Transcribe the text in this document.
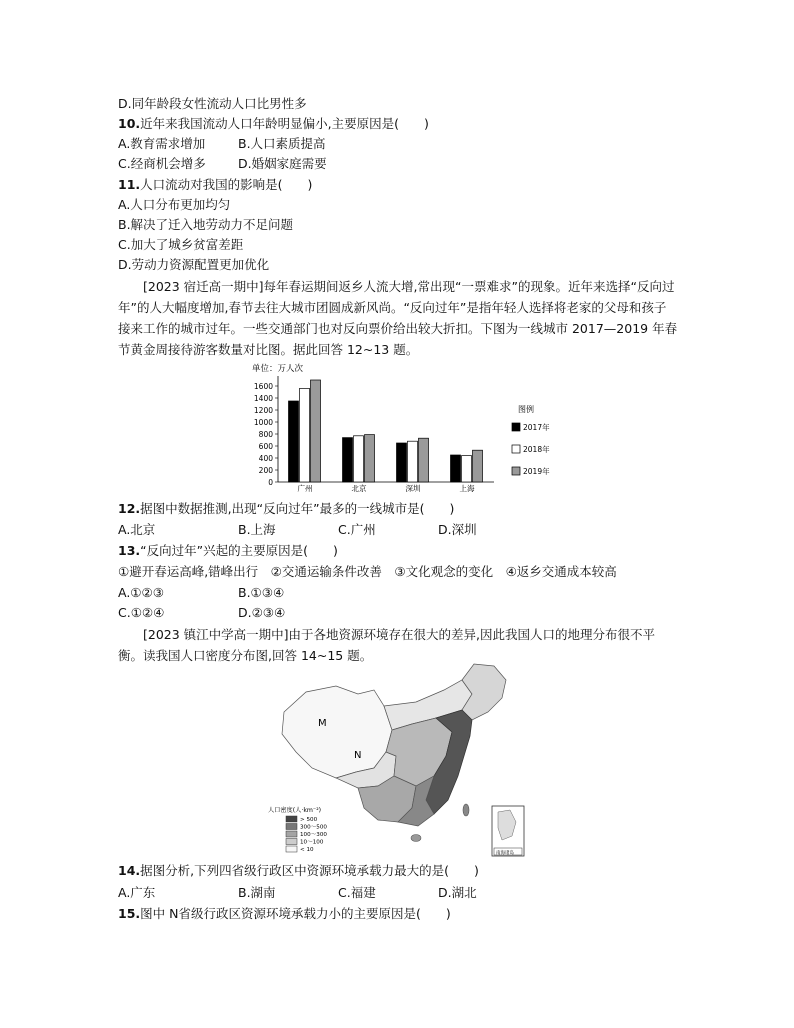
D.同年龄段女性流动人口比男性多
10.近年来我国流动人口年龄明显偏小,主要原因是(　　)
A.教育需求增加	B.人口素质提高
C.经商机会增多	D.婚姻家庭需要
11.人口流动对我国的影响是(　　)
A.人口分布更加均匀
B.解决了迁入地劳动力不足问题
C.加大了城乡贫富差距
D.劳动力资源配置更加优化
[2023 宿迁高一期中]每年春运期间返乡人流大增,常出现“一票难求”的现象。近年来选择“反向过年”的人大幅度增加,春节去往大城市团圆成新风尚。“反向过年”是指年轻人选择将老家的父母和孩子接来工作的城市过年。一些交通部门也对反向票价给出较大折扣。下图为一线城市 2017—2019 年春节黄金周接待游客数量对比图。据此回答 12~13 题。
单位：万人次
0
200
400
600
800
1000
1200
1400
1600
广州	北京	深圳	上海
图例
2017年
2018年
2019年
12.据图中数据推测,出现“反向过年”最多的一线城市是(　　)
A.北京	B.上海	C.广州	D.深圳
13.“反向过年”兴起的主要原因是(　　)
①避开春运高峰,错峰出行　②交通运输条件改善　③文化观念的变化　④返乡交通成本较高
A.①②③	B.①③④
C.①②④	D.②③④
[2023 镇江中学高一期中]由于各地资源环境存在很大的差异,因此我国人口的地理分布很不平衡。读我国人口密度分布图,回答 14~15 题。
M
N
人口密度(人·km⁻²)
> 500
300～500
100～300
10～100
< 10
南海诸岛
14.据图分析,下列四省级行政区中资源环境承载力最大的是(　　)
A.广东	B.湖南	C.福建	D.湖北
15.图中 N省级行政区资源环境承载力小的主要原因是(　　)
